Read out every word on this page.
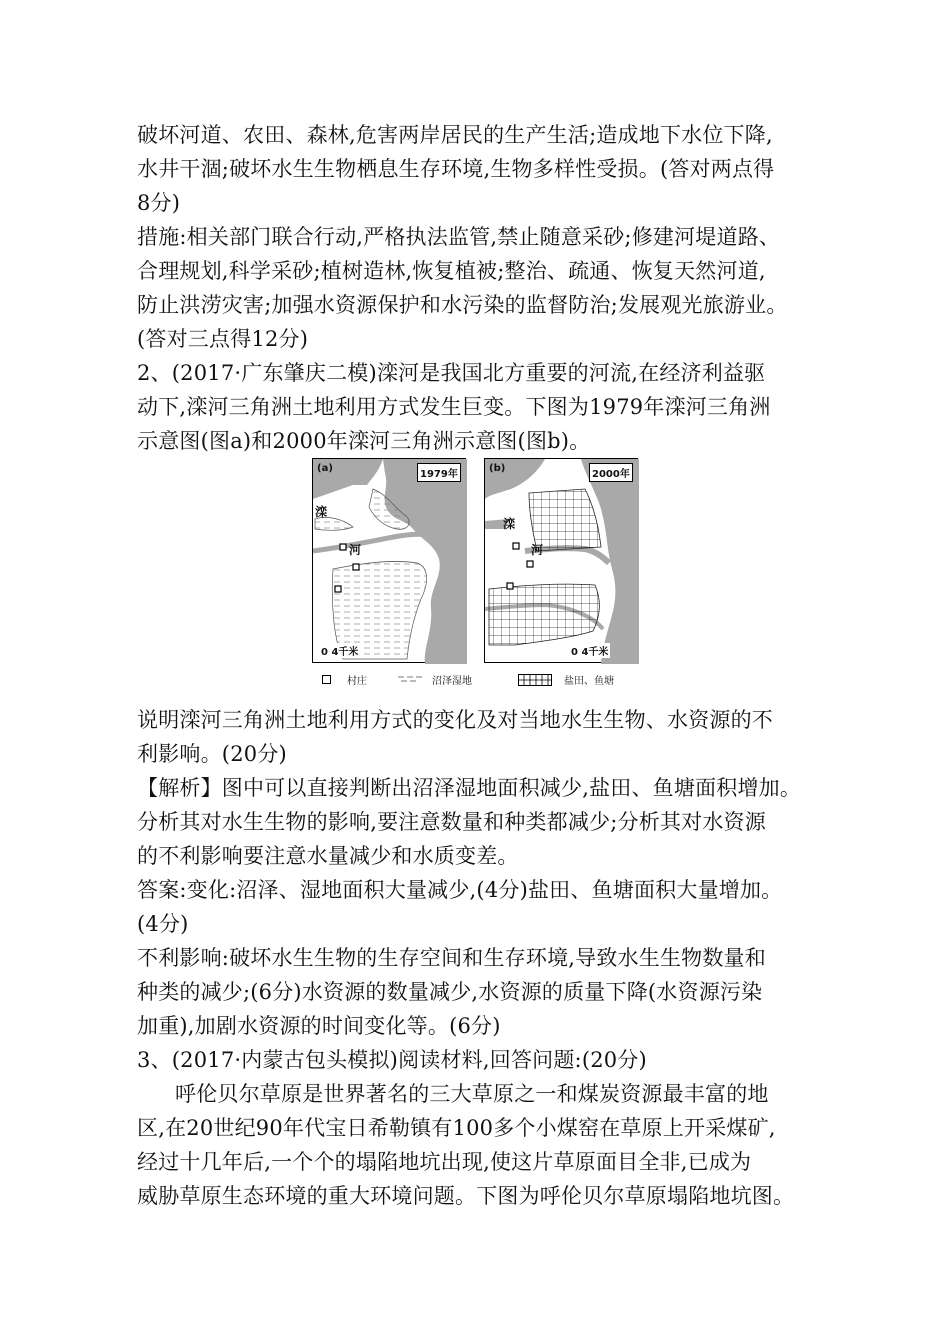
破坏河道、农田、森林,危害两岸居民的生产生活;造成地下水位下降,
水井干涸;破坏水生生物栖息生存环境,生物多样性受损。(答对两点得
8分)
措施:相关部门联合行动,严格执法监管,禁止随意采砂;修建河堤道路、
合理规划,科学采砂;植树造林,恢复植被;整治、疏通、恢复天然河道,
防止洪涝灾害;加强水资源保护和水污染的监督防治;发展观光旅游业。
(答对三点得12分)
2、(2017·广东肇庆二模)滦河是我国北方重要的河流,在经济利益驱
动下,滦河三角洲土地利用方式发生巨变。下图为1979年滦河三角洲
示意图(图a)和2000年滦河三角洲示意图(图b)。
(a)
1979年
滦
河
0 4千米
(b)
2000年
滦
河
0 4千米
村庄	沼泽湿地	盐田、鱼塘
说明滦河三角洲土地利用方式的变化及对当地水生生物、水资源的不
利影响。(20分)
【解析】图中可以直接判断出沼泽湿地面积减少,盐田、鱼塘面积增加。
分析其对水生生物的影响,要注意数量和种类都减少;分析其对水资源
的不利影响要注意水量减少和水质变差。
答案:变化:沼泽、湿地面积大量减少,(4分)盐田、鱼塘面积大量增加。
(4分)
不利影响:破坏水生生物的生存空间和生存环境,导致水生生物数量和
种类的减少;(6分)水资源的数量减少,水资源的质量下降(水资源污染
加重),加剧水资源的时间变化等。(6分)
3、(2017·内蒙古包头模拟)阅读材料,回答问题:(20分)
呼伦贝尔草原是世界著名的三大草原之一和煤炭资源最丰富的地
区,在20世纪90年代宝日希勒镇有100多个小煤窑在草原上开采煤矿,
经过十几年后,一个个的塌陷地坑出现,使这片草原面目全非,已成为
威胁草原生态环境的重大环境问题。下图为呼伦贝尔草原塌陷地坑图。
